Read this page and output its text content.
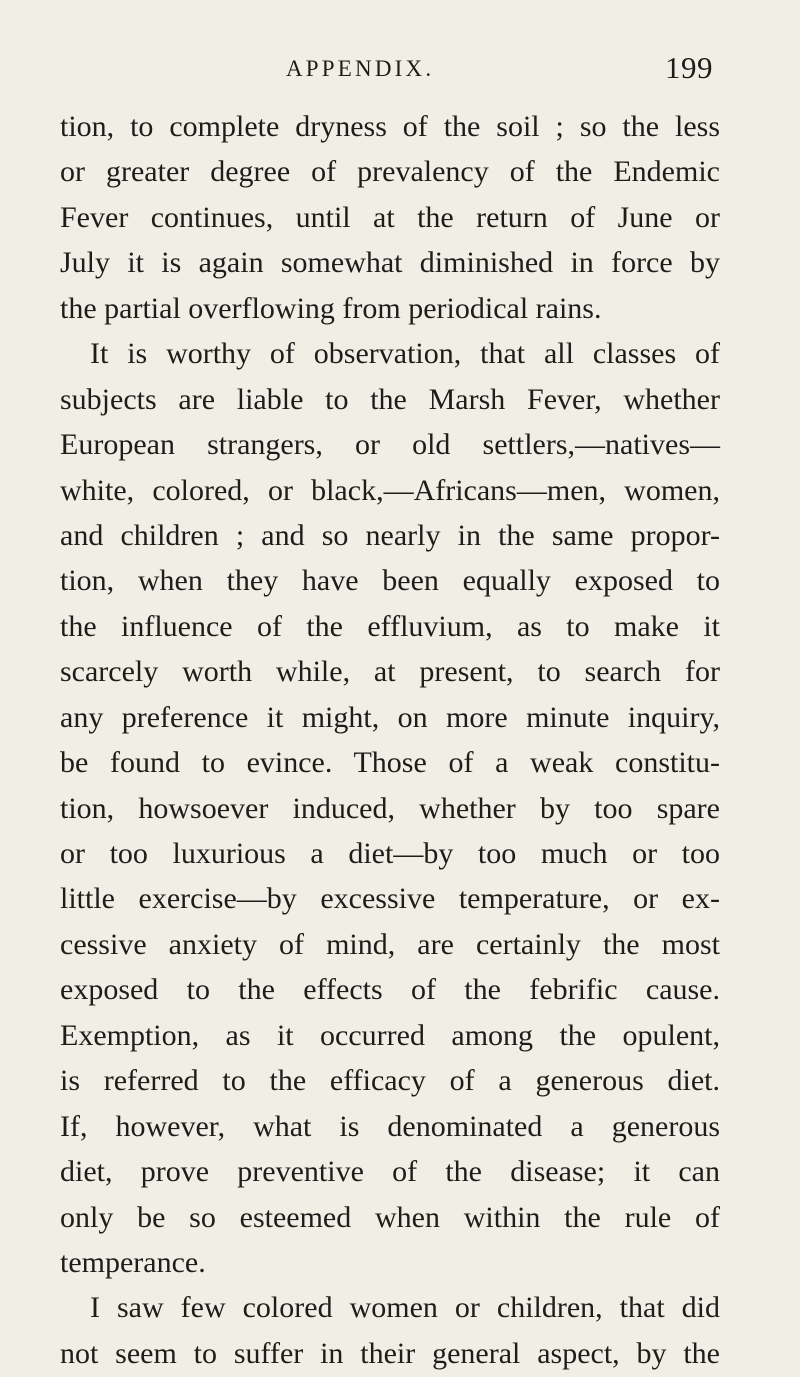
APPENDIX.	199
tion, to complete dryness of the soil ; so the less
or greater degree of prevalency of the Endemic
Fever continues, until at the return of June or
July it is again somewhat diminished in force by
the partial overflowing from periodical rains.
It is worthy of observation, that all classes of
subjects are liable to the Marsh Fever, whether
European strangers, or old settlers,—natives—
white, colored, or black,—Africans—men, women,
and children ; and so nearly in the same propor-
tion, when they have been equally exposed to
the influence of the effluvium, as to make it
scarcely worth while, at present, to search for
any preference it might, on more minute inquiry,
be found to evince. Those of a weak constitu-
tion, howsoever induced, whether by too spare
or too luxurious a diet—by too much or too
little exercise—by excessive temperature, or ex-
cessive anxiety of mind, are certainly the most
exposed to the effects of the febrific cause.
Exemption, as it occurred among the opulent,
is referred to the efficacy of a generous diet.
If, however, what is denominated a generous
diet, prove preventive of the disease; it can
only be so esteemed when within the rule of
temperance.
I saw few colored women or children, that did
not seem to suffer in their general aspect, by the
